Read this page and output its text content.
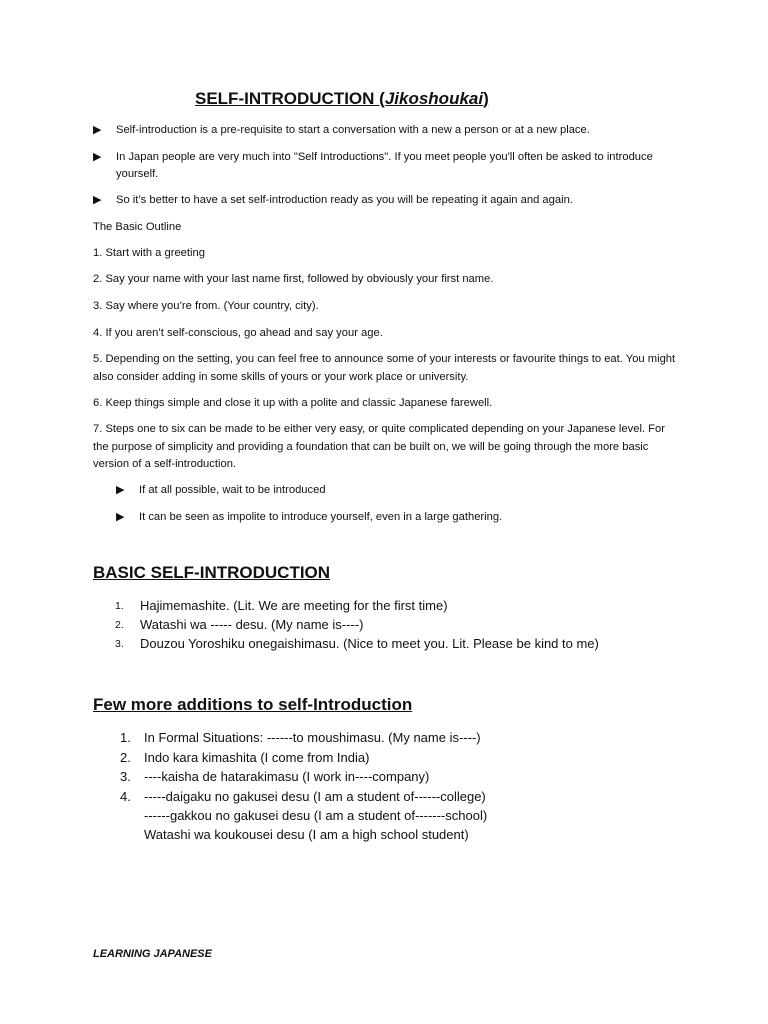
SELF-INTRODUCTION (Jikoshoukai)
▶	Self-introduction is a pre-requisite to start a conversation with a new a person or at a new place.
▶	In Japan people are very much into "Self Introductions". If you meet people you'll often be asked to introduce yourself.
▶	So it’s better to have a set self-introduction ready as you will be repeating it again and again.
The Basic Outline
1. Start with a greeting
2. Say your name with your last name first, followed by obviously your first name.
3. Say where you’re from. (Your country, city).
4. If you aren’t self-conscious, go ahead and say your age.
5. Depending on the setting, you can feel free to announce some of your interests or favourite things to eat. You might also consider adding in some skills of yours or your work place or university.
6. Keep things simple and close it up with a polite and classic Japanese farewell.
7. Steps one to six can be made to be either very easy, or quite complicated depending on your Japanese level. For the purpose of simplicity and providing a foundation that can be built on, we will be going through the more basic version of a self-introduction.
▶	If at all possible, wait to be introduced
▶	It can be seen as impolite to introduce yourself, even in a large gathering.
BASIC SELF-INTRODUCTION
1. Hajimemashite. (Lit. We are meeting for the first time)
2. Watashi wa ----- desu. (My name is----)
3. Douzou Yoroshiku onegaishimasu. (Nice to meet you. Lit. Please be kind to me)
Few more additions to self-Introduction
1. In Formal Situations: ------to moushimasu. (My name is----)
2. Indo kara kimashita (I come from India)
3. ----kaisha de hatarakimasu (I work in----company)
4. -----daigaku no gakusei desu (I am a student of------college)
------gakkou no gakusei desu (I am a student of-------school)
Watashi wa koukousei desu (I am a high school student)
LEARNING JAPANESE
